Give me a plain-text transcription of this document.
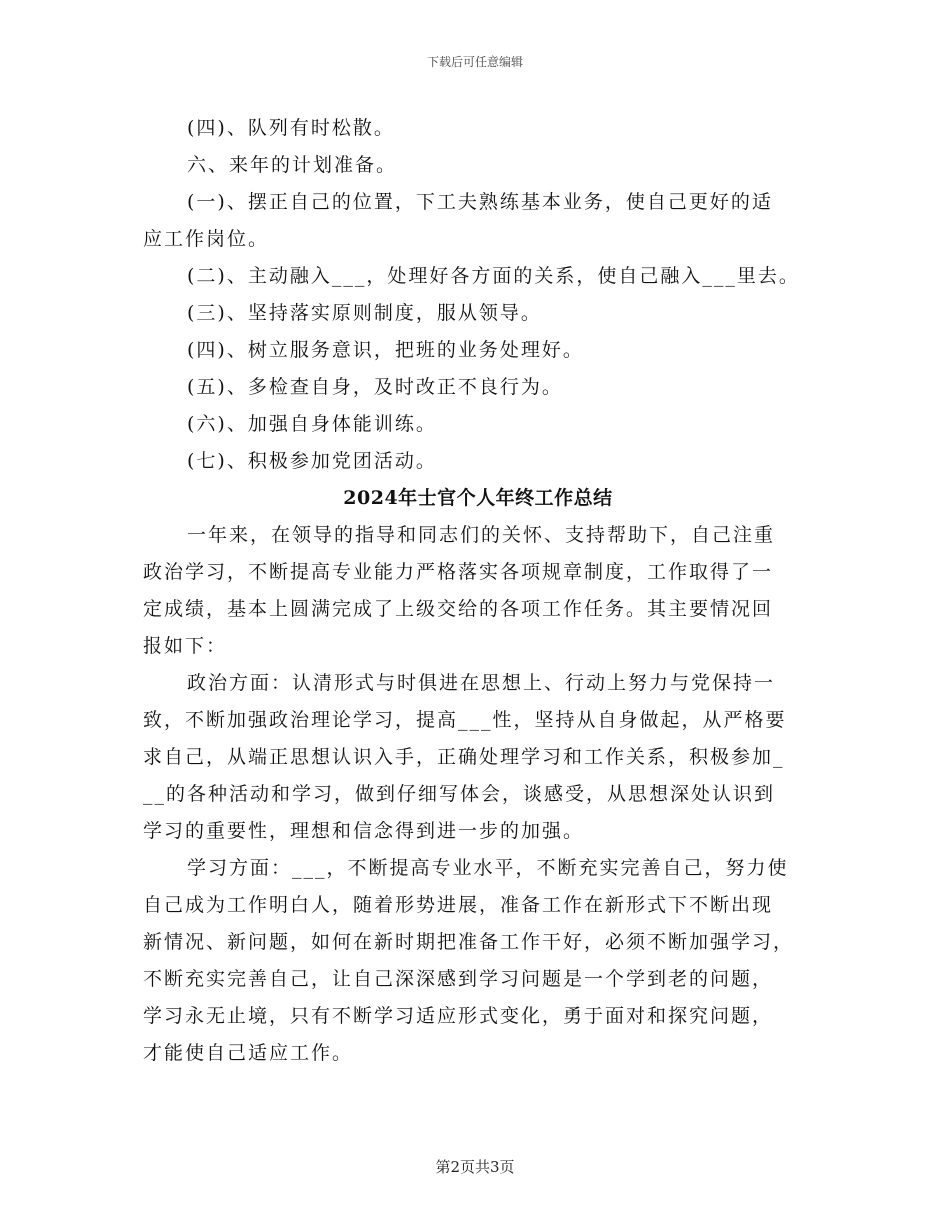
下载后可任意编辑
(四)、队列有时松散。
六、来年的计划准备。
(一)、摆正自己的位置，下工夫熟练基本业务，使自己更好的适
应工作岗位。
(二)、主动融入___，处理好各方面的关系，使自己融入___里去。
(三)、坚持落实原则制度，服从领导。
(四)、树立服务意识，把班的业务处理好。
(五)、多检查自身，及时改正不良行为。
(六)、加强自身体能训练。
(七)、积极参加党团活动。
2024年士官个人年终工作总结
一年来，在领导的指导和同志们的关怀、支持帮助下，自己注重
政治学习，不断提高专业能力严格落实各项规章制度，工作取得了一
定成绩，基本上圆满完成了上级交给的各项工作任务。其主要情况回
报如下：
政治方面：认清形式与时俱进在思想上、行动上努力与党保持一
致，不断加强政治理论学习，提高___性，坚持从自身做起，从严格要
求自己，从端正思想认识入手，正确处理学习和工作关系，积极参加_
__的各种活动和学习，做到仔细写体会，谈感受，从思想深处认识到
学习的重要性，理想和信念得到进一步的加强。
学习方面：___，不断提高专业水平，不断充实完善自己，努力使
自己成为工作明白人，随着形势进展，准备工作在新形式下不断出现
新情况、新问题，如何在新时期把准备工作干好，必须不断加强学习，
不断充实完善自己，让自己深深感到学习问题是一个学到老的问题，
学习永无止境，只有不断学习适应形式变化，勇于面对和探究问题，
才能使自己适应工作。
第2页共3页
